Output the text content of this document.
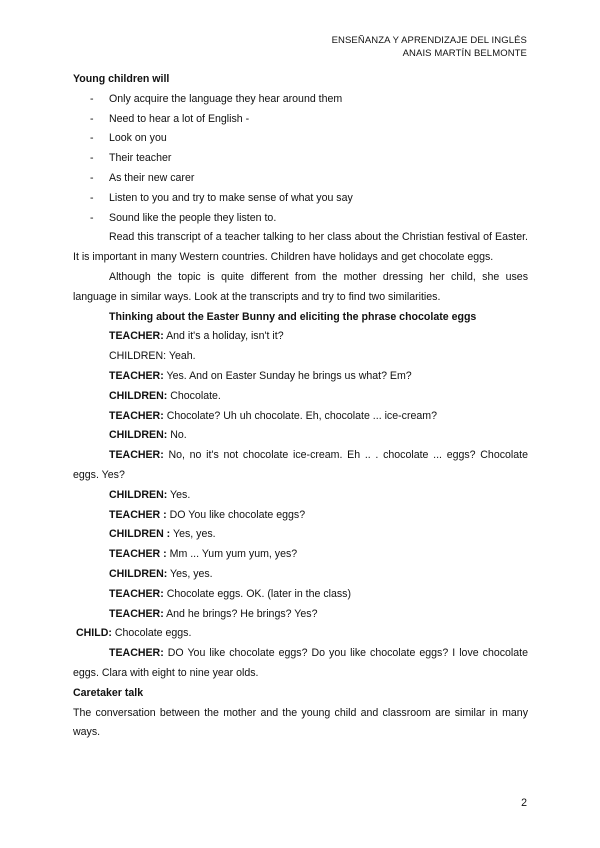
ENSEÑANZA Y APRENDIZAJE DEL INGLÉS
ANAIS MARTÍN BELMONTE

Young children will

- Only acquire the language they hear around them
- Need to hear a lot of English -
- Look on you
- Their teacher
- As their new carer
- Listen to you and try to make sense of what you say
- Sound like the people they listen to.

Read this transcript of a teacher talking to her class about the Christian festival of Easter. It is important in many Western countries. Children have holidays and get chocolate eggs.

Although the topic is quite different from the mother dressing her child, she uses language in similar ways. Look at the transcripts and try to find two similarities.

Thinking about the Easter Bunny and eliciting the phrase chocolate eggs

TEACHER: And it's a holiday, isn't it?

CHILDREN: Yeah.

TEACHER: Yes. And on Easter Sunday he brings us what? Em?

CHILDREN: Chocolate.

TEACHER: Chocolate? Uh uh chocolate. Eh, chocolate ... ice-cream?

CHILDREN: No.

TEACHER: No, no it's not chocolate ice-cream. Eh .. . chocolate ... eggs? Chocolate eggs. Yes?

CHILDREN: Yes.

TEACHER : DO You like chocolate eggs?

CHILDREN : Yes, yes.

TEACHER : Mm ... Yum yum yum, yes?

CHILDREN: Yes, yes.

TEACHER: Chocolate eggs. OK. (later in the class)

TEACHER: And he brings? He brings? Yes?

CHILD: Chocolate eggs.

TEACHER: DO You like chocolate eggs? Do you like chocolate eggs? I love chocolate eggs. Clara with eight to nine year olds.

Caretaker talk

The conversation between the mother and the young child and classroom are similar in many ways.

2
